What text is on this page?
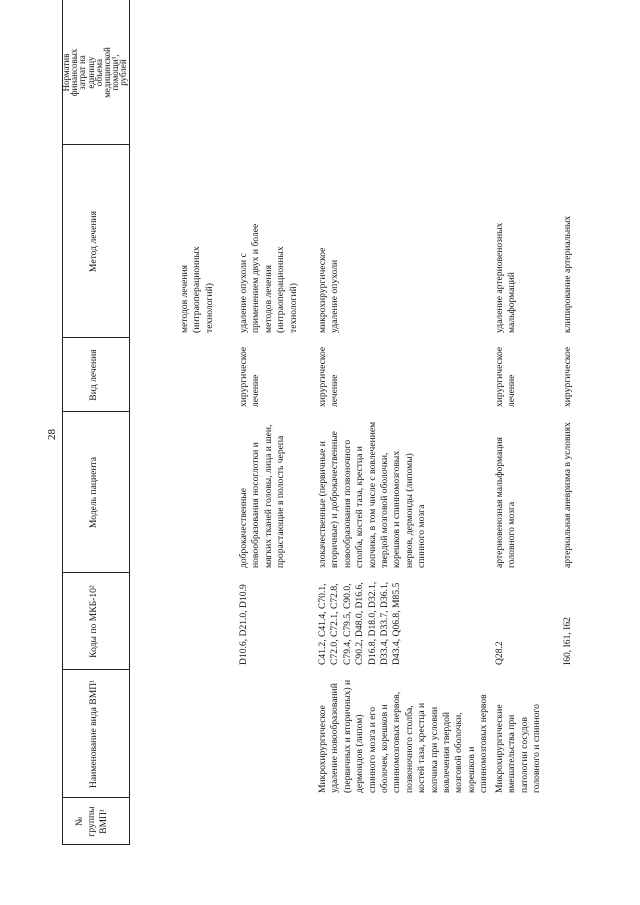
28
№ группы ВМП¹
Наименование вида ВМП¹
Коды по МКБ-10²
Модель пациента
Вид лечения
Метод лечения
Норматив
финансовых
затрат на
единицу
объема
медицинской
помощи³,
рублей
методов лечения (интраоперационных технологий)
D10.6, D21.0, D10.9
доброкачественные новообразования носоглотки и мягких тканей головы, лица и шеи, прорастающие в полость черепа
хирургическое лечение
удаление опухоли с применением двух и более методов лечения (интраоперационных технологий)
Микрохирургическое удаление новообразований (первичных и вторичных) и дермоидов (липом) спинного мозга и его оболочек, корешков и спинномозговых нервов, позвоночного столба, костей таза, крестца и копчика при условии вовлечения твердой мозговой оболочки, корешков и спинномозговых нервов
C41.2, C41.4, C70.1, C72.0, C72.1, C72.8, C79.4, C79.5, C90.0, C90.2, D48.0, D16.6, D16.8, D18.0, D32.1, D33.4, D33.7, D36.1, D43.4, Q06.8, M85.5
злокачественные (первичные и вторичные) и доброкачественные новообразования позвоночного столба, костей таза, крестца и копчика, в том числе с вовлечением твердой мозговой оболочки, корешков и спинномозговых нервов, дермоиды (липомы) спинного мозга
хирургическое лечение
микрохирургическое удаление опухоли
Микрохирургические вмешательства при патологии сосудов головного и спинного
Q28.2
артериовенозная мальформация головного мозга
хирургическое лечение
удаление артериовенозных мальформаций
I60, I61, I62
артериальная аневризма в условиях
хирургическое
клипирование артериальных
